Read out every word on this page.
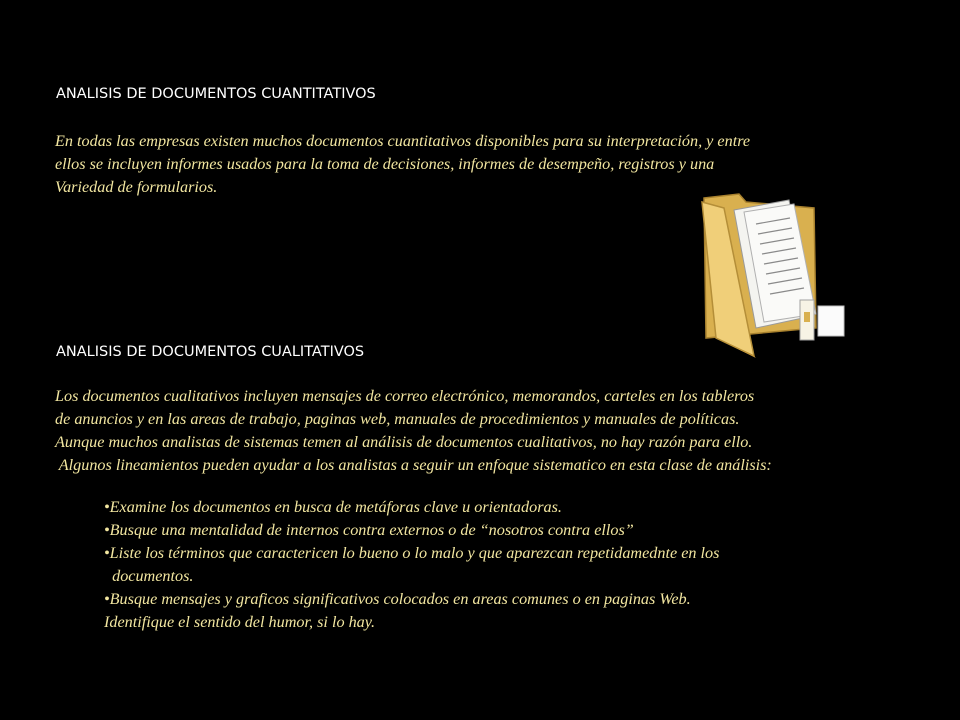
ANALISIS DE DOCUMENTOS CUANTITATIVOS
En todas las empresas existen muchos documentos cuantitativos disponibles para su interpretación, y entre
ellos se incluyen informes usados para la toma de decisiones, informes de desempeño, registros y una
Variedad de formularios.
ANALISIS DE DOCUMENTOS CUALITATIVOS
Los documentos cualitativos incluyen mensajes de correo electrónico, memorandos, carteles en los tableros
de anuncios y en las areas de trabajo, paginas web, manuales de procedimientos y manuales de políticas.
Aunque muchos analistas de sistemas temen al análisis de documentos cualitativos, no hay razón para ello.
Algunos lineamientos pueden ayudar a los analistas a seguir un enfoque sistematico en esta clase de análisis:
•Examine los documentos en busca de metáforas clave u orientadoras.
•Busque una mentalidad de internos contra externos o de “nosotros contra ellos”
•Liste los términos que caractericen lo bueno o lo malo y que aparezcan repetidamednte en los
documentos.
•Busque mensajes y graficos significativos colocados en areas comunes o en paginas Web.
Identifique el sentido del humor, si lo hay.
